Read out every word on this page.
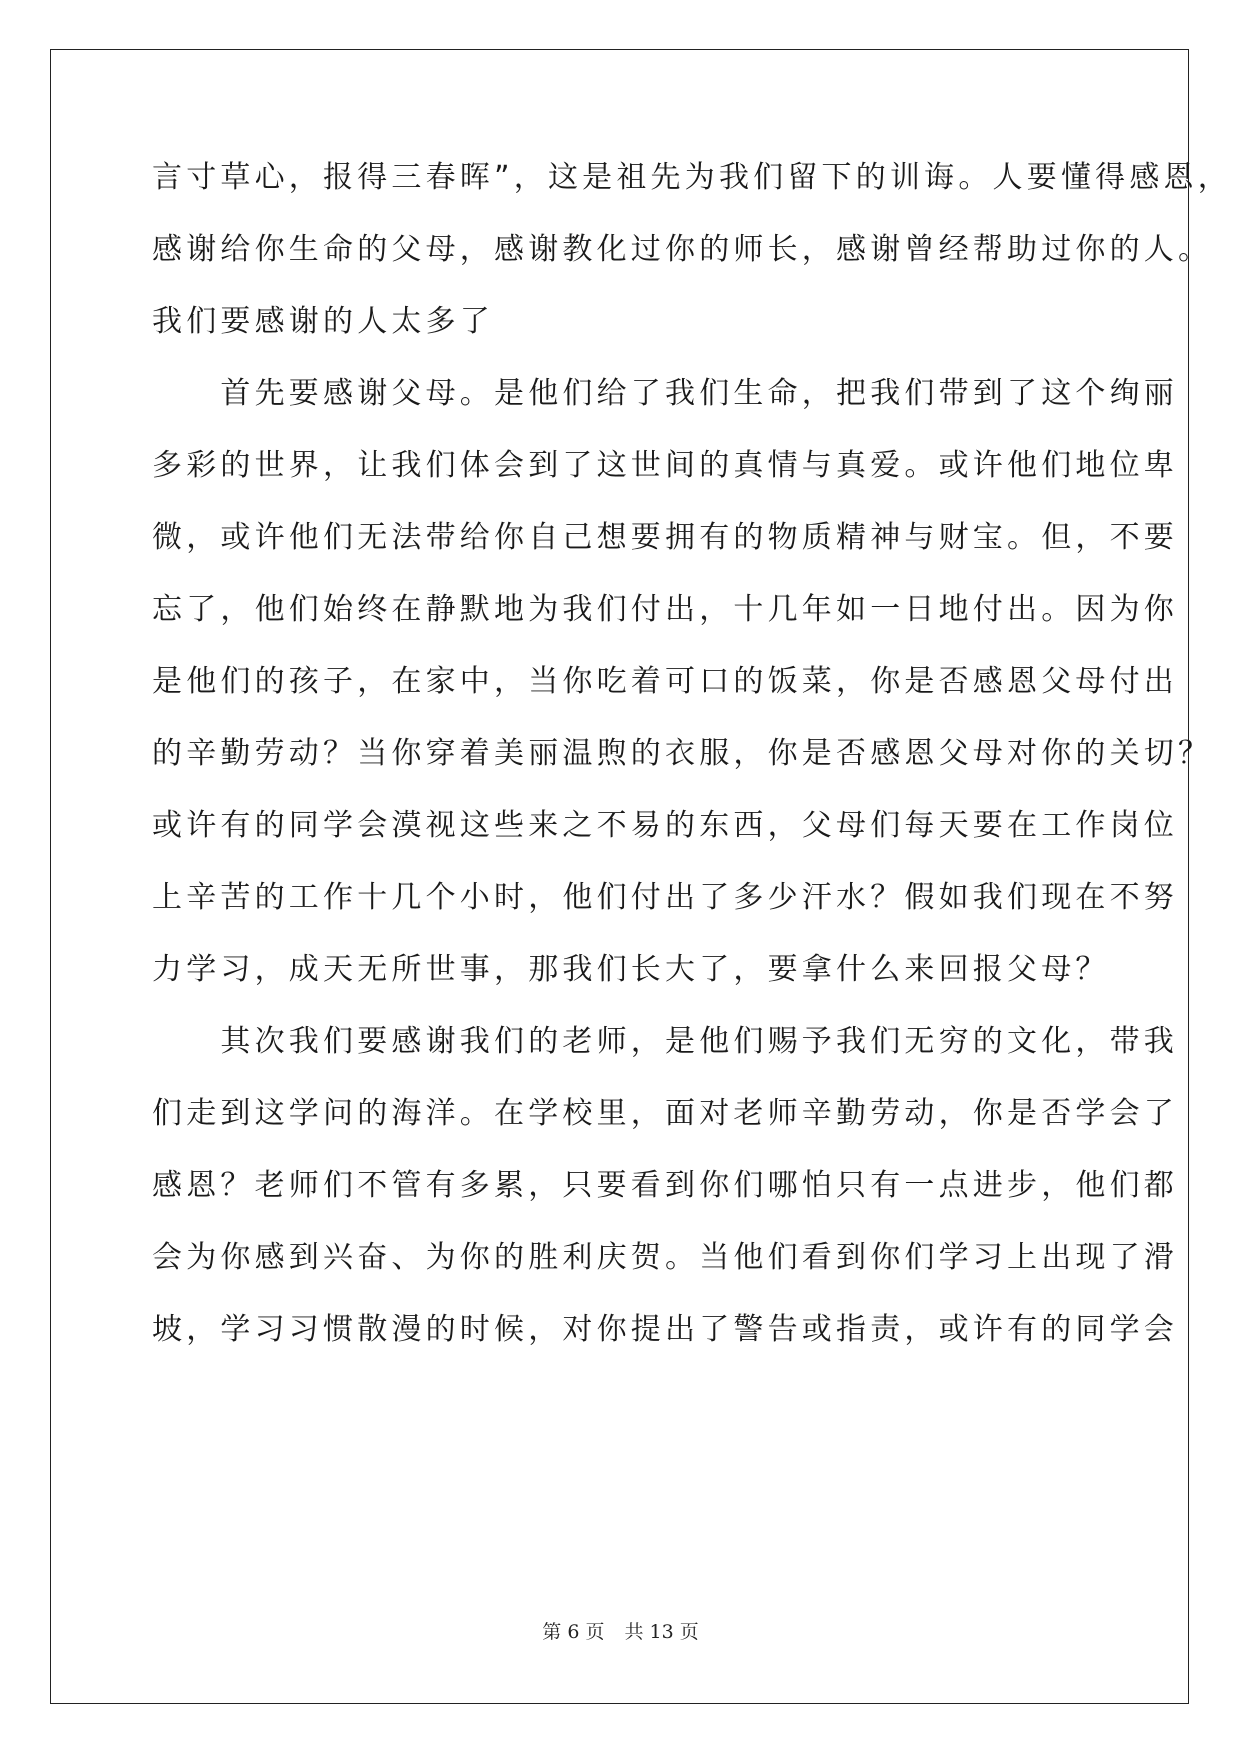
言寸草心，报得三春晖”，这是祖先为我们留下的训诲。人要懂得感恩，
感谢给你生命的父母，感谢教化过你的师长，感谢曾经帮助过你的人。
我们要感谢的人太多了
　　首先要感谢父母。是他们给了我们生命，把我们带到了这个绚丽
多彩的世界，让我们体会到了这世间的真情与真爱。或许他们地位卑
微，或许他们无法带给你自己想要拥有的物质精神与财宝。但，不要
忘了，他们始终在静默地为我们付出，十几年如一日地付出。因为你
是他们的孩子，在家中，当你吃着可口的饭菜，你是否感恩父母付出
的辛勤劳动？当你穿着美丽温煦的衣服，你是否感恩父母对你的关切？
或许有的同学会漠视这些来之不易的东西，父母们每天要在工作岗位
上辛苦的工作十几个小时，他们付出了多少汗水？假如我们现在不努
力学习，成天无所世事，那我们长大了，要拿什么来回报父母？
　　其次我们要感谢我们的老师，是他们赐予我们无穷的文化，带我
们走到这学问的海洋。在学校里，面对老师辛勤劳动，你是否学会了
感恩？老师们不管有多累，只要看到你们哪怕只有一点进步，他们都
会为你感到兴奋、为你的胜利庆贺。当他们看到你们学习上出现了滑
坡，学习习惯散漫的时候，对你提出了警告或指责，或许有的同学会
第 6 页 共 13 页
